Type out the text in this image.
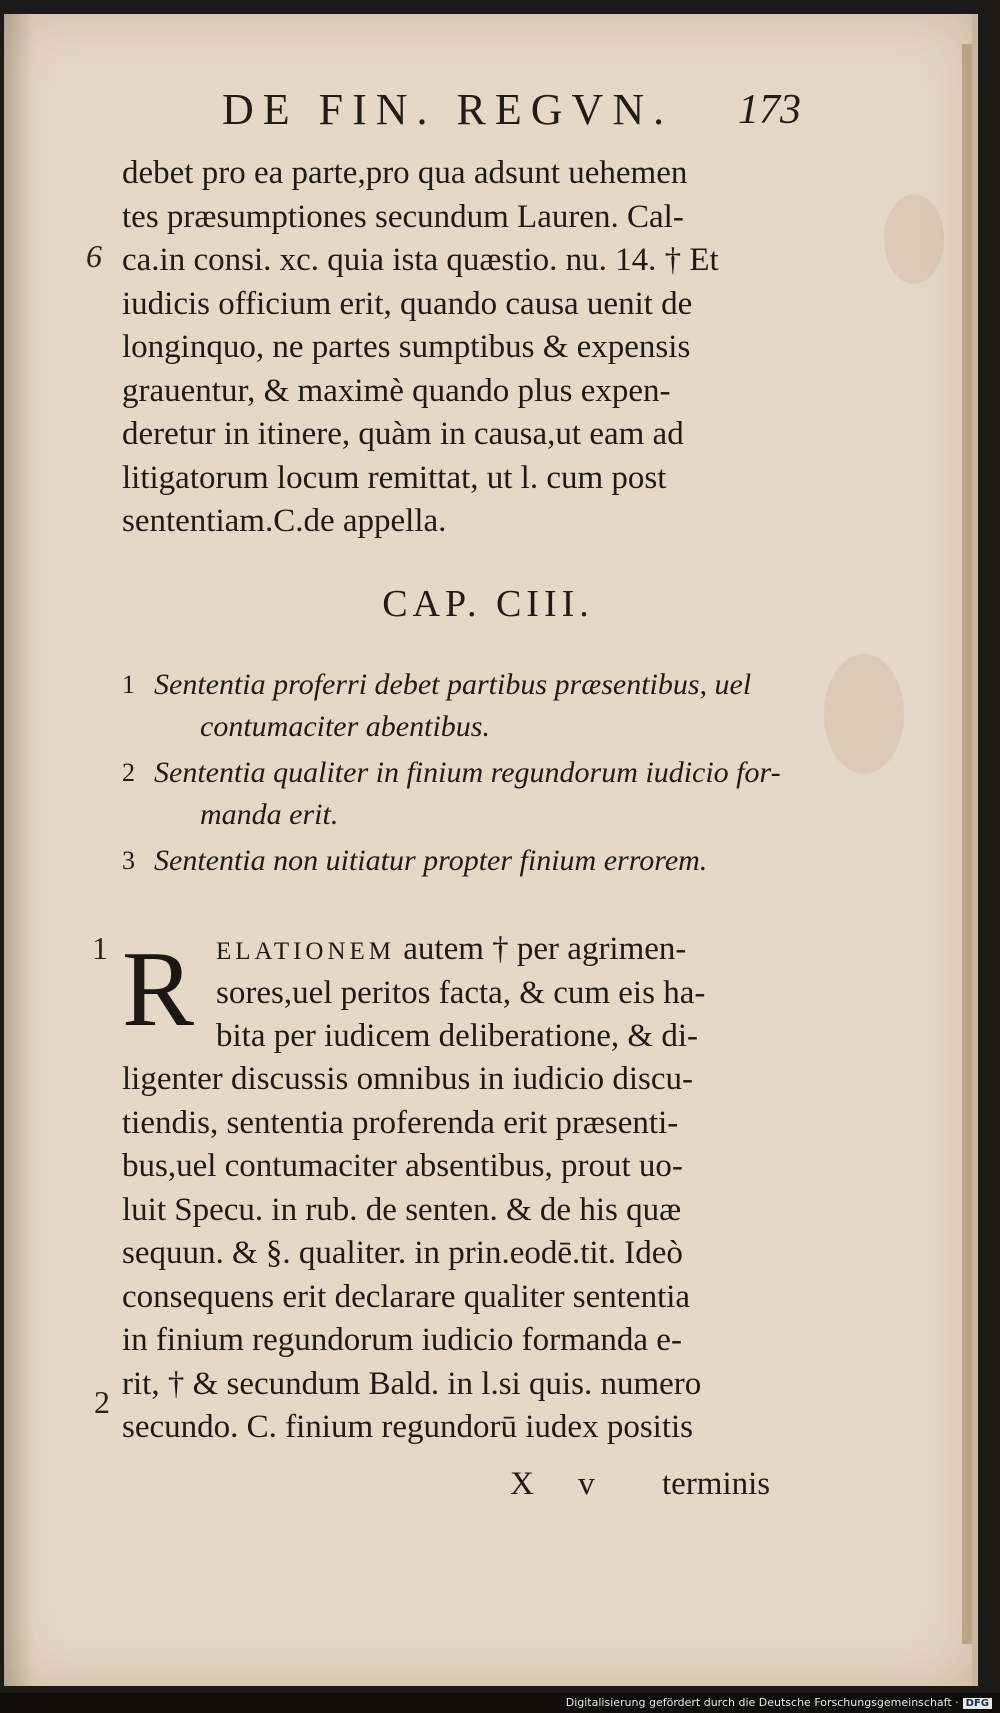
DE FIN. REGVN. 173
debet pro ea parte,pro qua adsunt uehemen
tes præsumptiones secundum Lauren. Cal-
ca.in consi. xc. quia ista quæstio. nu. 14. † Et
iudicis officium erit, quando causa uenit de
longinquo, ne partes sumptibus & expensis
grauentur, & maximè quando plus expen-
deretur in itinere, quàm in causa,ut eam ad
litigatorum locum remittat, ut l. cum post
sententiam.C.de appella.
6
CAP. CIII.
1 Sententia proferri debet partibus præsentibus, uel
contumaciter abentibus.
2 Sententia qualiter in finium regundorum iudicio for-
manda erit.
3 Sententia non uitiatur propter finium errorem.
1 R ELATIONEM autem † per agrimen-
sores,uel peritos facta, & cum eis ha-
bita per iudicem deliberatione, & di-
ligenter discussis omnibus in iudicio discu-
tiendis, sententia proferenda erit præsenti-
bus,uel contumaciter absentibus, prout uo-
luit Specu. in rub. de senten. & de his quæ
sequun. & §. qualiter. in prin.eodē.tit. Ideò
consequens erit declarare qualiter sententia
in finium regundorum iudicio formanda e-
rit, † & secundum Bald. in l.si quis. numero
secundo. C. finium regundorū iudex positis
2
X v terminis
Digitalisierung gefördert durch die Deutsche Forschungsgemeinschaft · DFG
